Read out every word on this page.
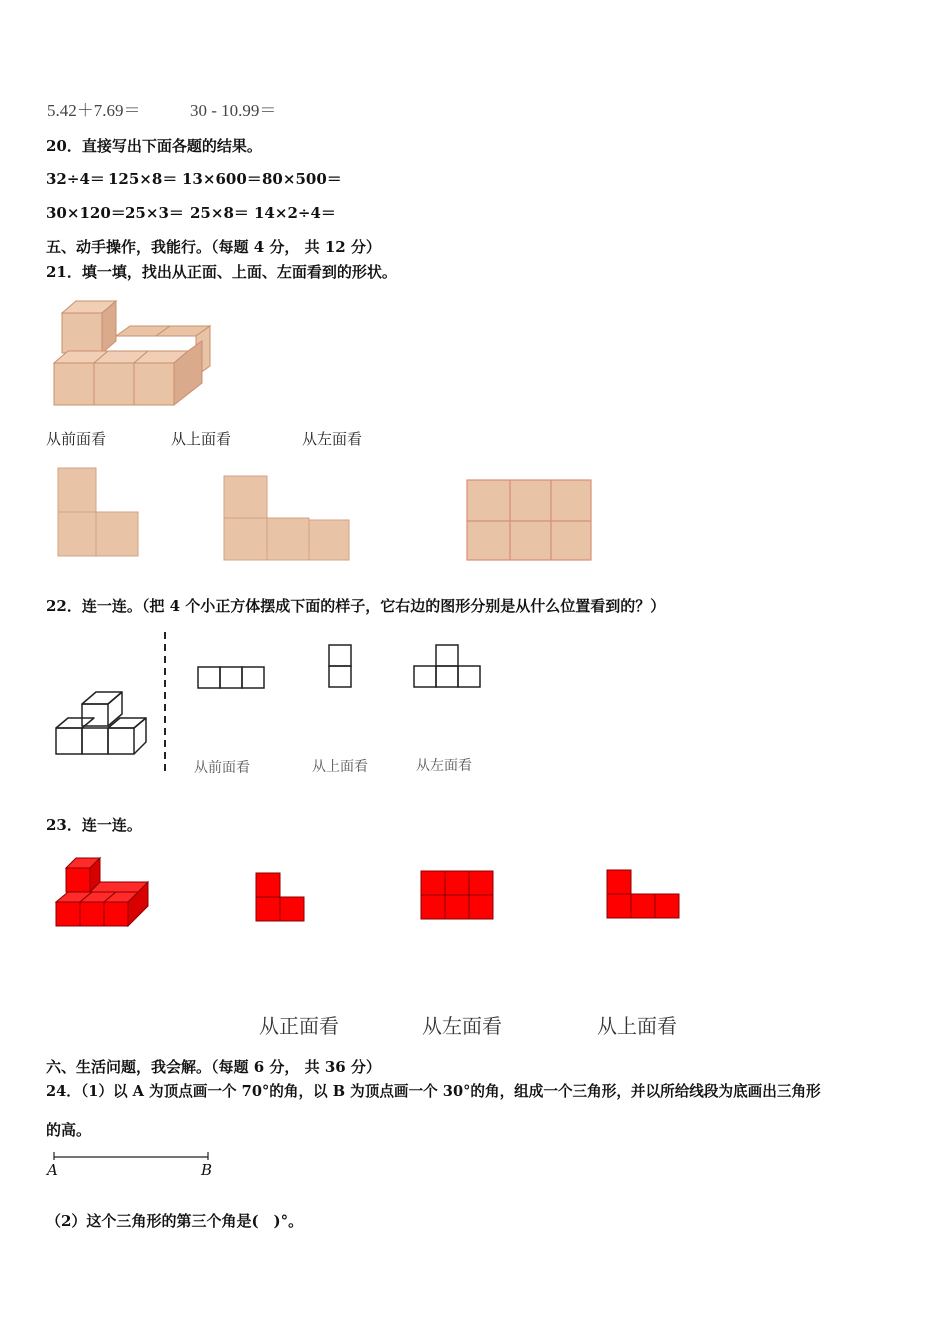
5.42＋7.69＝	30 - 10.99＝
20．直接写出下面各题的结果。
32÷4＝ 125×8＝ 13×600＝ 80×500＝
30×120＝ 25×3＝ 25×8＝ 14×2÷4＝
五、动手操作，我能行。（每题 4 分， 共 12 分）
21．填一填，找出从正面、上面、左面看到的形状。
从前面看	从上面看	从左面看
22．连一连。（把 4 个小正方体摆成下面的样子，它右边的图形分别是从什么位置看到的？）
从前面看	从上面看	从左面看
23．连一连。
从正面看	从左面看	从上面看
六、生活问题，我会解。（每题 6 分， 共 36 分）
24．（1）以 A 为顶点画一个 70°的角，以 B 为顶点画一个 30°的角，组成一个三角形，并以所给线段为底画出三角形
的高。
A	B
（2）这个三角形的第三个角是(　)°。
